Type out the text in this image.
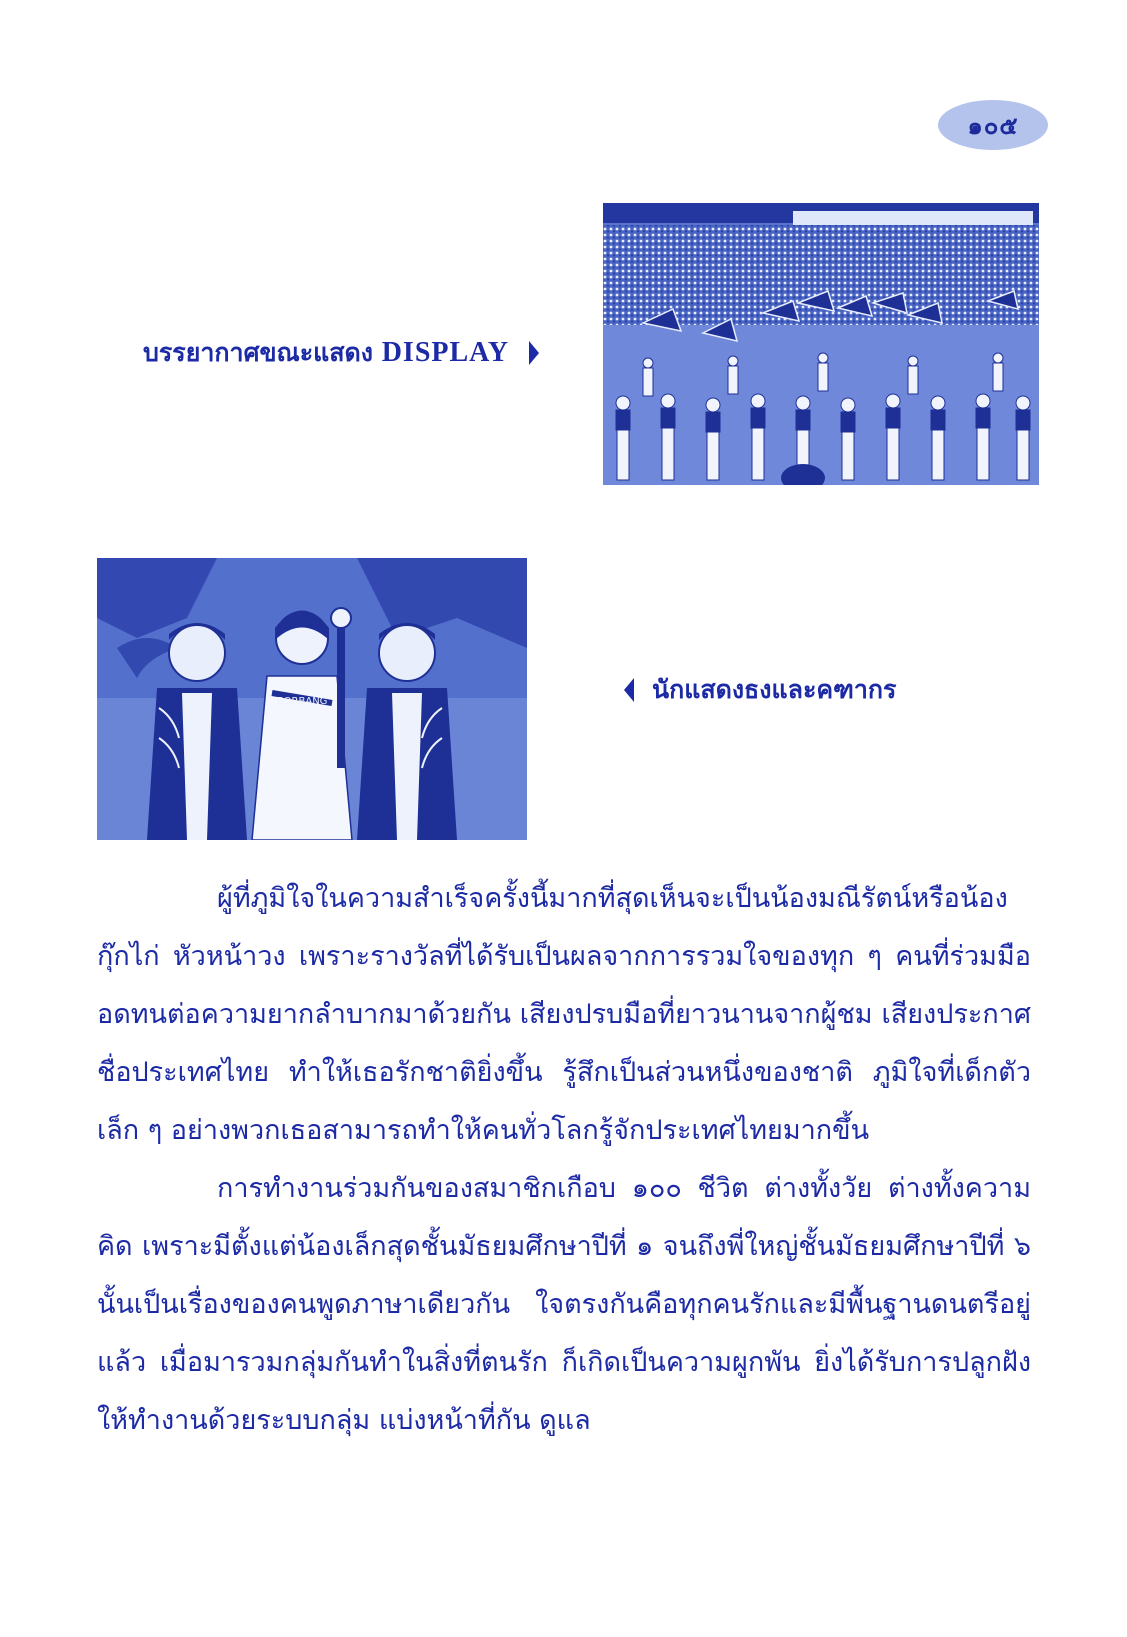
๑๐๕
บรรยากาศขณะแสดง DISPLAY
BORBANG	นักแสดงธงและคฑากร

ผู้ที่ภูมิใจในความสำเร็จครั้งนี้มากที่สุดเห็นจะเป็นน้องมณีรัตน์หรือน้องกุ๊กไก่ หัวหน้าวง เพราะรางวัลที่ได้รับเป็นผลจากการรวมใจของทุก ๆ คนที่ร่วมมืออดทนต่อความยากลำบากมาด้วยกัน เสียงปรบมือที่ยาวนานจากผู้ชม เสียงประกาศชื่อประเทศไทย ทำให้เธอรักชาติยิ่งขึ้น รู้สึกเป็นส่วนหนึ่งของชาติ ภูมิใจที่เด็กตัวเล็ก ๆ อย่างพวกเธอสามารถทำให้คนทั่วโลกรู้จักประเทศไทยมากขึ้น

การทำงานร่วมกันของสมาชิกเกือบ ๑๐๐ ชีวิต ต่างทั้งวัย ต่างทั้งความคิด เพราะมีตั้งแต่น้องเล็กสุดชั้นมัธยมศึกษาปีที่ ๑ จนถึงพี่ใหญ่ชั้นมัธยมศึกษาปีที่ ๖ นั้นเป็นเรื่องของคนพูดภาษาเดียวกัน ใจตรงกันคือทุกคนรักและมีพื้นฐานดนตรีอยู่แล้ว เมื่อมารวมกลุ่มกันทำในสิ่งที่ตนรัก ก็เกิดเป็นความผูกพัน ยิ่งได้รับการปลูกฝังให้ทำงานด้วยระบบกลุ่ม แบ่งหน้าที่กัน ดูแล
